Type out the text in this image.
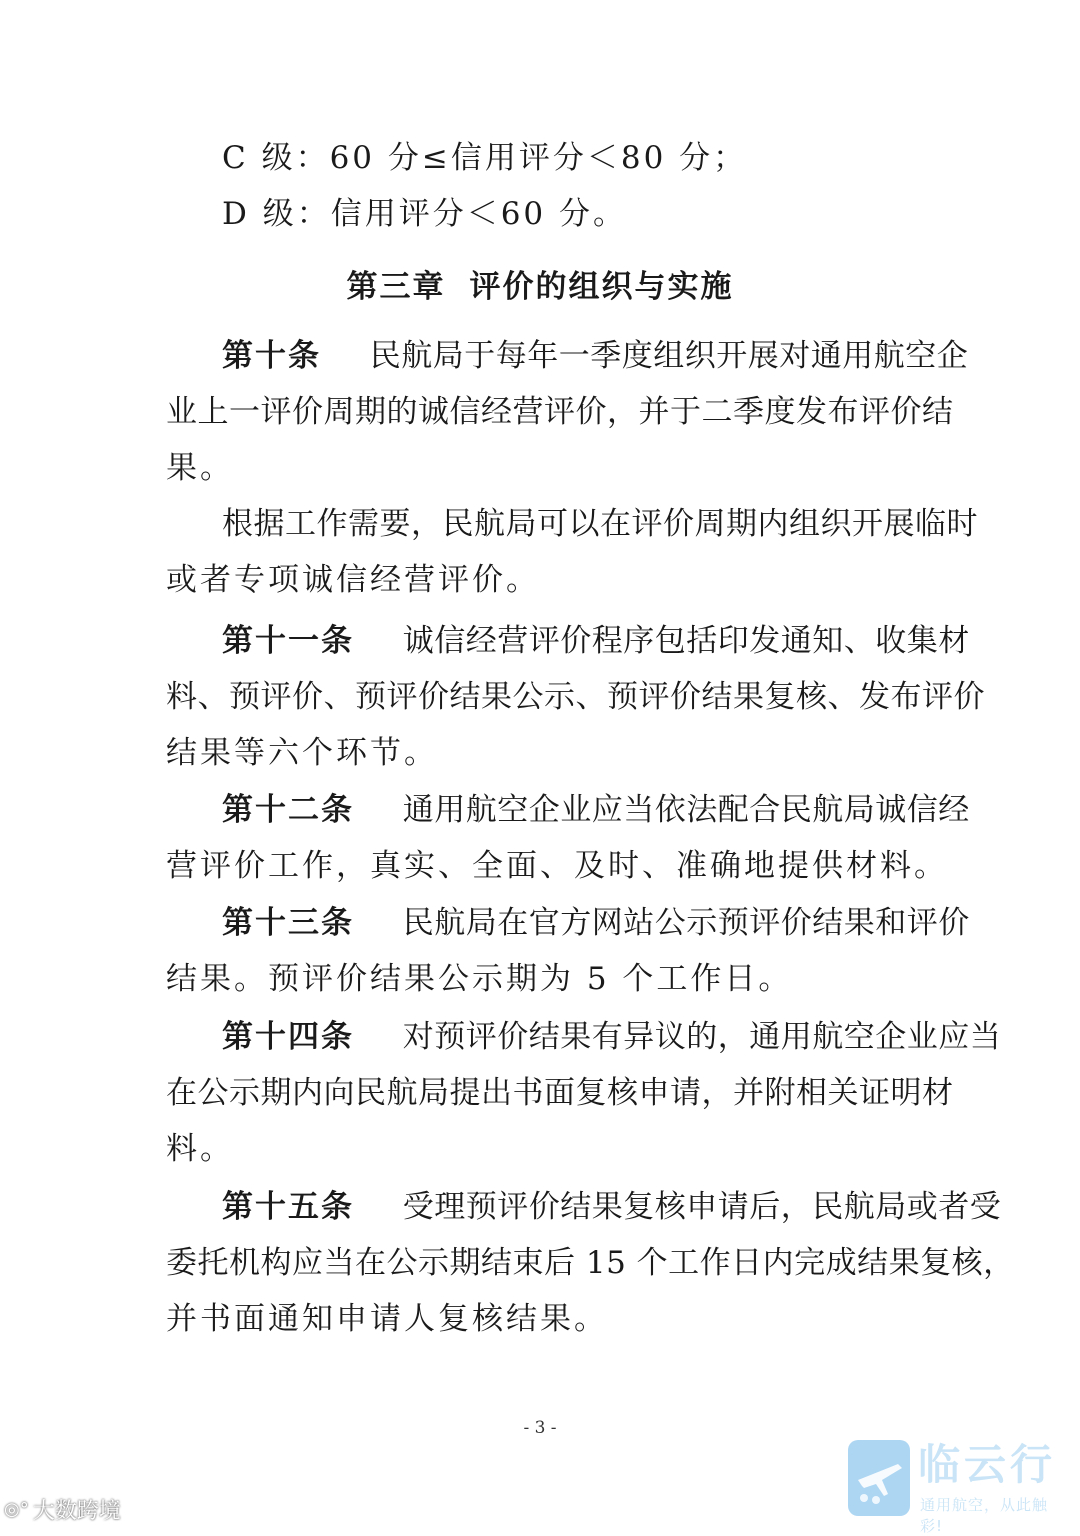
C 级：60 分≤信用评分＜80 分；
D 级：信用评分＜60 分。
第三章 评价的组织与实施
第十条 民航局于每年一季度组织开展对通用航空企
业上一评价周期的诚信经营评价，并于二季度发布评价结
果。
根据工作需要，民航局可以在评价周期内组织开展临时
或者专项诚信经营评价。
第十一条 诚信经营评价程序包括印发通知、收集材
料、预评价、预评价结果公示、预评价结果复核、发布评价
结果等六个环节。
第十二条 通用航空企业应当依法配合民航局诚信经
营评价工作，真实、全面、及时、准确地提供材料。
第十三条 民航局在官方网站公示预评价结果和评价
结果。预评价结果公示期为 5 个工作日。
第十四条 对预评价结果有异议的，通用航空企业应当
在公示期内向民航局提出书面复核申请，并附相关证明材
料。
第十五条 受理预评价结果复核申请后，民航局或者受
委托机构应当在公示期结束后 15 个工作日内完成结果复核，
并书面通知申请人复核结果。
- 3 -
◎° 大数跨境
临云行
通用航空，从此触彩!
